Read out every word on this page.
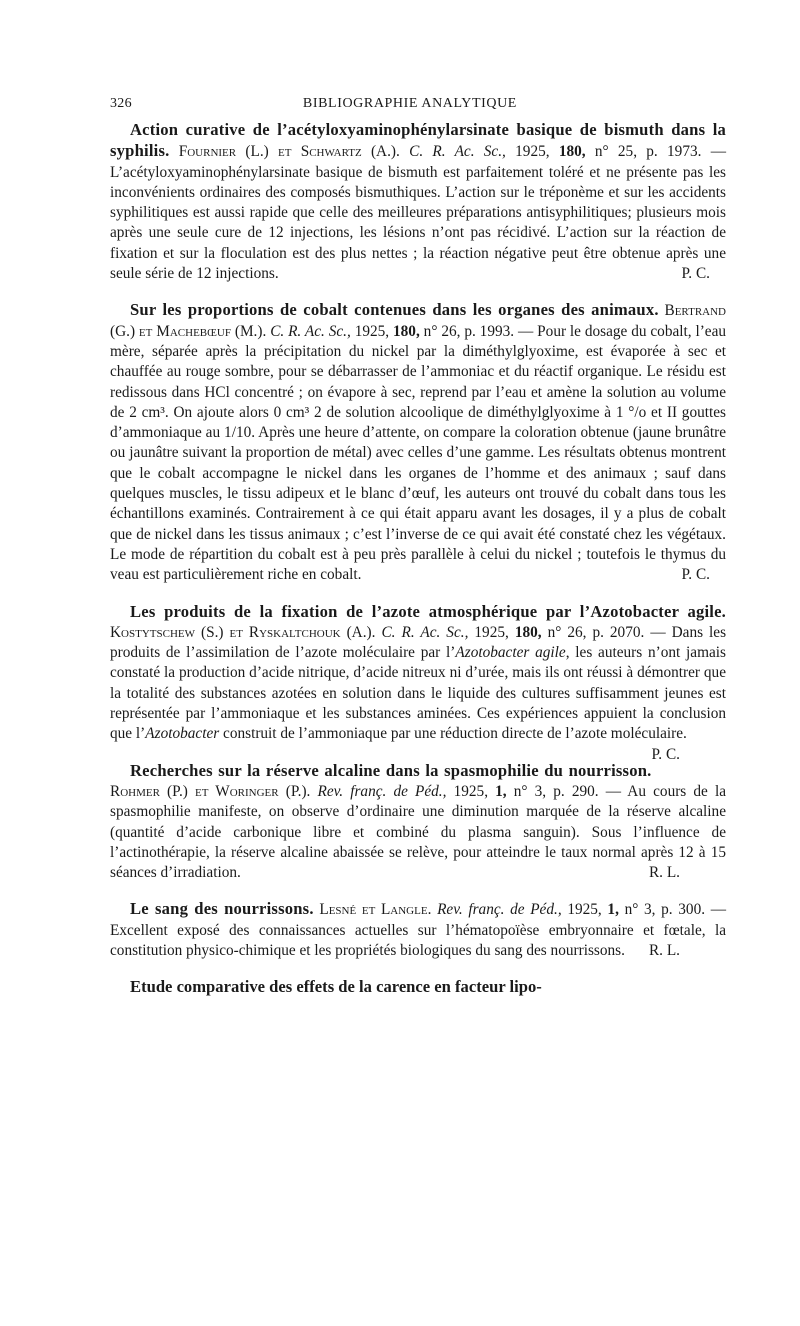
326	BIBLIOGRAPHIE ANALYTIQUE

Action curative de l’acétyloxyaminophénylarsinate basique de bismuth dans la syphilis. Fournier (L.) et Schwartz (A.). C. R. Ac. Sc., 1925, 180, n° 25, p. 1973. — L’acétyloxyaminophénylarsinate basique de bismuth est parfaitement toléré et ne présente pas les inconvénients ordinaires des composés bismuthiques. L’action sur le tréponème et sur les accidents syphilitiques est aussi rapide que celle des meilleures préparations antisyphilitiques; plusieurs mois après une seule cure de 12 injections, les lésions n’ont pas récidivé. L’action sur la réaction de fixation et sur la floculation est des plus nettes ; la réaction négative peut être obtenue après une seule série de 12 injections.	P. C.

Sur les proportions de cobalt contenues dans les organes des animaux. Bertrand (G.) et Machebœuf (M.). C. R. Ac. Sc., 1925, 180, n° 26, p. 1993. — Pour le dosage du cobalt, l’eau mère, séparée après la précipitation du nickel par la diméthylglyoxime, est évaporée à sec et chauffée au rouge sombre, pour se débarrasser de l’ammoniac et du réactif organique. Le résidu est redissous dans HCl concentré ; on évapore à sec, reprend par l’eau et amène la solution au volume de 2 cm³. On ajoute alors 0 cm³ 2 de solution alcoolique de diméthylglyoxime à 1 °/o et II gouttes d’ammoniaque au 1/10. Après une heure d’attente, on compare la coloration obtenue (jaune brunâtre ou jaunâtre suivant la proportion de métal) avec celles d’une gamme. Les résultats obtenus montrent que le cobalt accompagne le nickel dans les organes de l’homme et des animaux ; sauf dans quelques muscles, le tissu adipeux et le blanc d’œuf, les auteurs ont trouvé du cobalt dans tous les échantillons examinés. Contrairement à ce qui était apparu avant les dosages, il y a plus de cobalt que de nickel dans les tissus animaux ; c’est l’inverse de ce qui avait été constaté chez les végétaux. Le mode de répartition du cobalt est à peu près parallèle à celui du nickel ; toutefois le thymus du veau est particulièrement riche en cobalt.	P. C.

Les produits de la fixation de l’azote atmosphérique par l’Azotobacter agile. Kostytschew (S.) et Ryskaltchouk (A.). C. R. Ac. Sc., 1925, 180, n° 26, p. 2070. — Dans les produits de l’assimilation de l’azote moléculaire par l’Azotobacter agile, les auteurs n’ont jamais constaté la production d’acide nitrique, d’acide nitreux ni d’urée, mais ils ont réussi à démontrer que la totalité des substances azotées en solution dans le liquide des cultures suffisamment jeunes est représentée par l’ammoniaque et les substances aminées. Ces expériences appuient la conclusion que l’Azotobacter construit de l’ammoniaque par une réduction directe de l’azote moléculaire.
P. C.

Recherches sur la réserve alcaline dans la spasmophilie du nourrisson. Rohmer (P.) et Woringer (P.). Rev. franç. de Péd., 1925, 1, n° 3, p. 290. — Au cours de la spasmophilie manifeste, on observe d’ordinaire une diminution marquée de la réserve alcaline (quantité d’acide carbonique libre et combiné du plasma sanguin). Sous l’influence de l’actinothérapie, la réserve alcaline abaissée se relève, pour atteindre le taux normal après 12 à 15 séances d’irradiation.	R. L.

Le sang des nourrissons. Lesné et Langle. Rev. franç. de Péd., 1925, 1, n° 3, p. 300. — Excellent exposé des connaissances actuelles sur l’hématopoïèse embryonnaire et fœtale, la constitution physico-chimique et les propriétés biologiques du sang des nourrissons. R. L.

Etude comparative des effets de la carence en facteur lipo-
